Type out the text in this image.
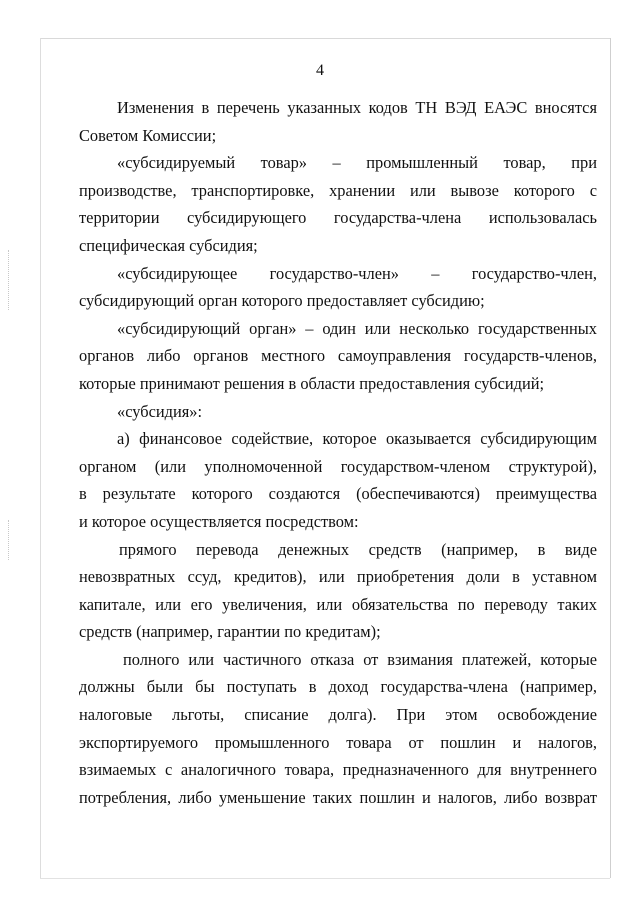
4
Изменения в перечень указанных кодов ТН ВЭД ЕАЭС вносятся
Советом Комиссии;
«субсидируемый товар» – промышленный товар, при
производстве, транспортировке, хранении или вывозе которого с
территории субсидирующего государства-члена использовалась
специфическая субсидия;
«субсидирующее государство-член» – государство-член,
субсидирующий орган которого предоставляет субсидию;
«субсидирующий орган» – один или несколько государственных
органов либо органов местного самоуправления государств-членов,
которые принимают решения в области предоставления субсидий;
«субсидия»:
а) финансовое содействие, которое оказывается субсидирующим
органом (или уполномоченной государством-членом структурой),
в результате которого создаются (обеспечиваются) преимущества
и которое осуществляется посредством:
прямого перевода денежных средств (например, в виде
невозвратных ссуд, кредитов), или приобретения доли в уставном
капитале, или его увеличения, или обязательства по переводу таких
средств (например, гарантии по кредитам);
полного или частичного отказа от взимания платежей, которые
должны были бы поступать в доход государства-члена (например,
налоговые льготы, списание долга). При этом освобождение
экспортируемого промышленного товара от пошлин и налогов,
взимаемых с аналогичного товара, предназначенного для внутреннего
потребления, либо уменьшение таких пошлин и налогов, либо возврат
